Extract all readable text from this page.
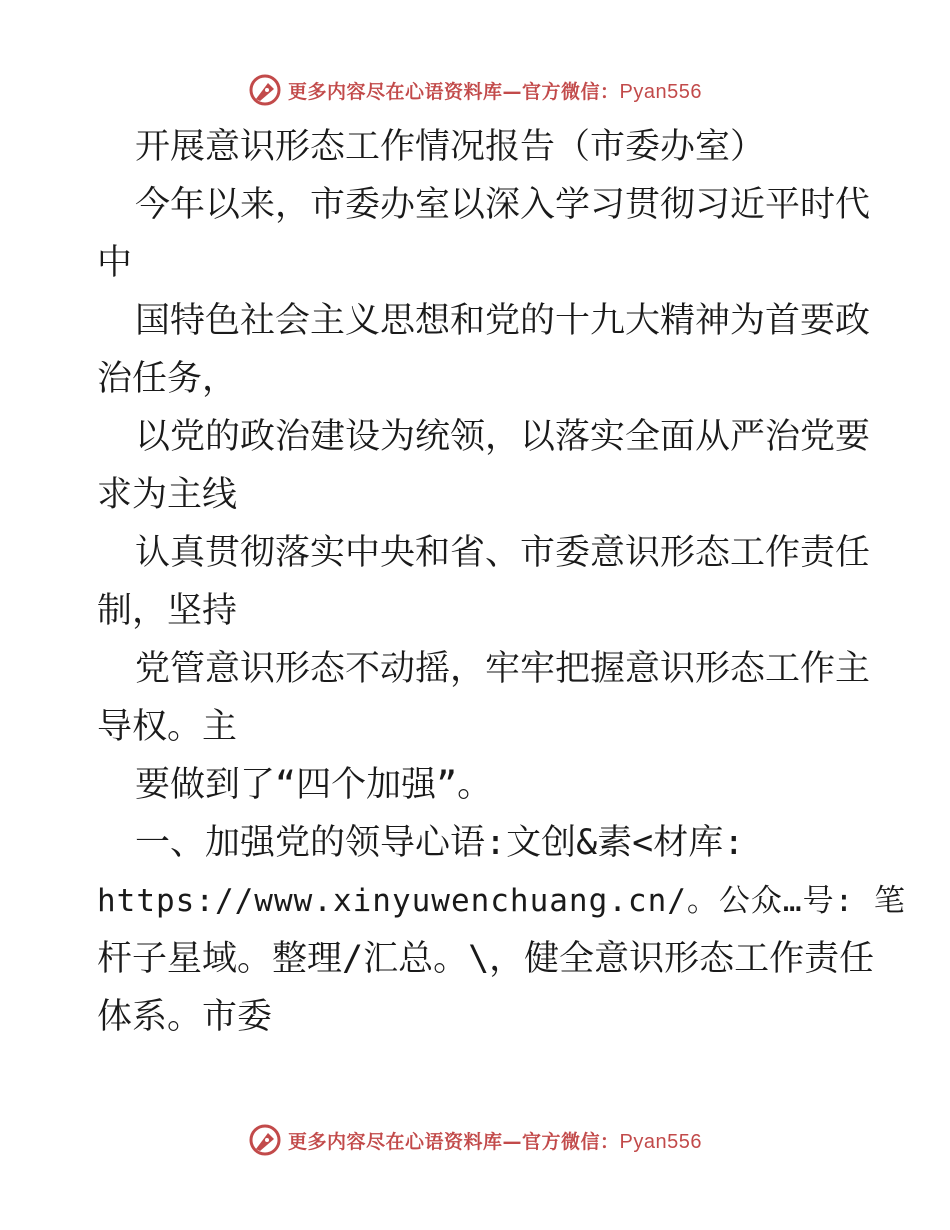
更多内容尽在心语资料库—官方微信：Pyan556
开展意识形态工作情况报告（市委办室）
今年以来，市委办室以深入学习贯彻习近平时代
中
国特色社会主义思想和党的十九大精神为首要政
治任务，
以党的政治建设为统领，以落实全面从严治党要
求为主线
认真贯彻落实中央和省、市委意识形态工作责任
制，坚持
党管意识形态不动摇，牢牢把握意识形态工作主
导权。主
要做到了“四个加强”。
一、加强党的领导心语:文创&素<材库:
https://www.xinyuwenchuang.cn/。公众…号: 笔
杆子星域。整理/汇总。\，健全意识形态工作责任
体系。市委
更多内容尽在心语资料库—官方微信：Pyan556
